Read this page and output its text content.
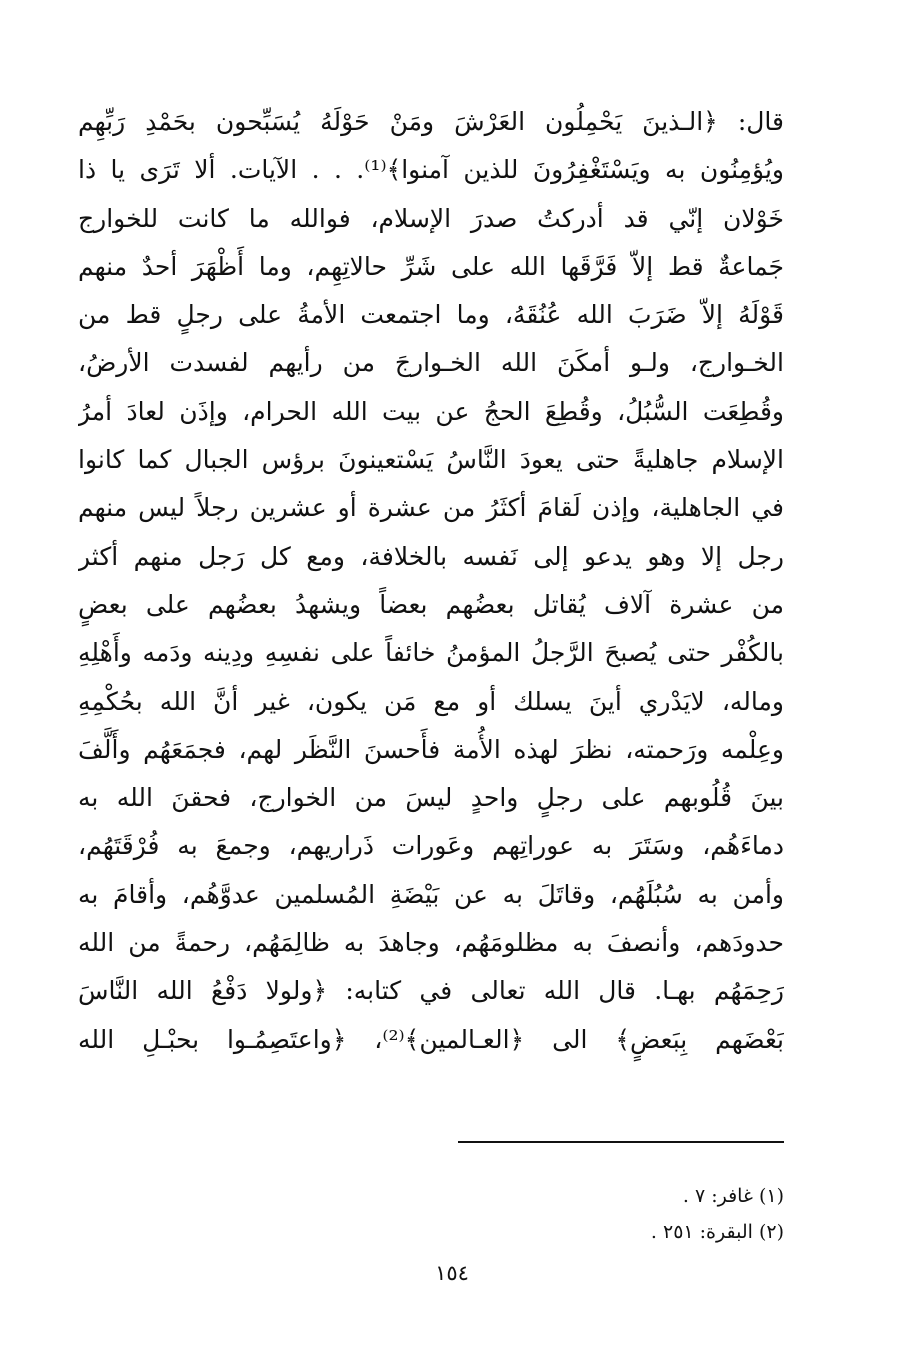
قال: ﴿الـذينَ يَحْمِلُون العَرْشَ ومَنْ حَوْلَهُ يُسَبِّحون بحَمْدِ رَبِّهِم
ويُؤمِنُون به ويَسْتَغْفِرُونَ للذين آمنوا﴾⁽¹⁾. . . الآيات. ألا تَرَى يا ذا
خَوْلان إنّي قد أدركتُ صدرَ الإسلام، فوالله ما كانت للخوارج
جَماعةٌ قط إلاّ فَرَّقَها الله على شَرِّ حالاتِهِم، وما أَظْهَرَ أحدٌ منهم
قَوْلَهُ إلاّ ضَرَبَ الله عُنُقَهُ، وما اجتمعت الأمةُ على رجلٍ قط من
الخـوارج، ولـو أمكَنَ الله الخـوارجَ من رأيهم لفسدت الأرضُ،
وقُطِعَت السُّبُلُ، وقُطِعَ الحجُ عن بيت الله الحرام، وإذَن لعادَ أمرُ
الإسلام جاهليةً حتى يعودَ النَّاسُ يَسْتعينونَ برؤس الجبال كما كانوا
في الجاهلية، وإذن لَقامَ أكثَرُ من عشرة أو عشرين رجلاً ليس منهم
رجل إلا وهو يدعو إلى نَفسه بالخلافة، ومع كل رَجل منهم أكثر
من عشرة آلاف يُقاتل بعضُهم بعضاً ويشهدُ بعضُهم على بعضٍ
بالكُفْر حتى يُصبحَ الرَّجلُ المؤمنُ خائفاً على نفسِهِ ودِينه ودَمه وأَهْلِهِ
وماله، لايَدْري أينَ يسلك أو مع مَن يكون، غير أنَّ الله بحُكْمِهِ
وعِلْمه ورَحمته، نظرَ لهذه الأُمة فأَحسنَ النَّظَر لهم، فجمَعَهُم وأَلَّفَ
بينَ قُلُوبهم على رجلٍ واحدٍ ليسَ من الخوارج، فحقنَ الله به
دماءَهُم، وسَتَرَ به عوراتِهم وعَورات ذَراريهم، وجمعَ به فُرْقَتَهُم،
وأمن به سُبُلَهُم، وقاتَلَ به عن بَيْضَةِ المُسلمين عدوَّهُم، وأقامَ به
حدودَهم، وأنصفَ به مظلومَهُم، وجاهدَ به ظالِمَهُم، رحمةً من الله
رَحِمَهُم بهـا. قال الله تعالى في كتابه: ﴿ولولا دَفْعُ الله النَّاسَ
بَعْضَهم بِبَعضٍ﴾ الى ﴿العـالمين﴾⁽²⁾، ﴿واعتَصِمُـوا بحبْـلِ الله
(١) غافر: ٧ .
(٢) البقرة: ٢٥١ .
١٥٤
